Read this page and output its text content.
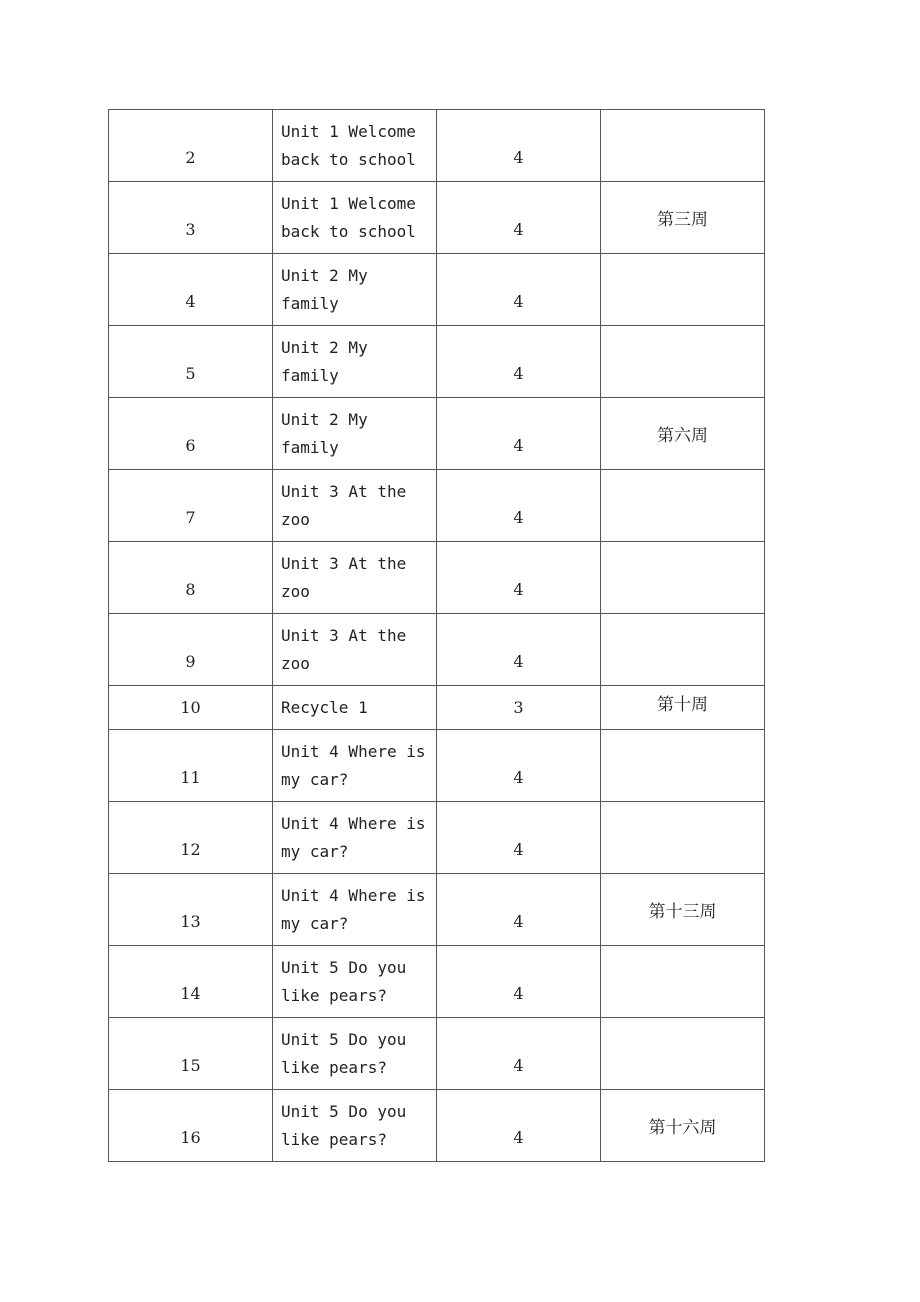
2	Unit 1 Welcome back to school	4	
3	Unit 1 Welcome back to school	4	第三周
4	Unit 2 My family	4	
5	Unit 2 My family	4	
6	Unit 2 My family	4	第六周
7	Unit 3 At the zoo	4	
8	Unit 3 At the zoo	4	
9	Unit 3 At the zoo	4	
10	Recycle 1	3	第十周
11	Unit 4 Where is my car?	4	
12	Unit 4 Where is my car?	4	
13	Unit 4 Where is my car?	4	第十三周
14	Unit 5 Do you like pears?	4	
15	Unit 5 Do you like pears?	4	
16	Unit 5 Do you like pears?	4	第十六周
